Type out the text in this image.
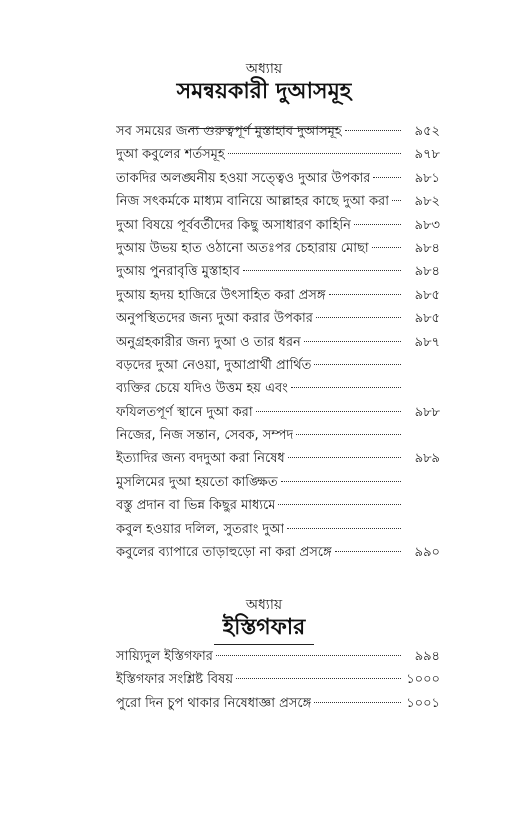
অধ্যায়
সমন্বয়কারী দুআসমূহ
সব সময়ের জন্য গুরুত্বপূর্ণ মুস্তাহাব দুআসমূহ	৯৫২
দুআ কবুলের শর্তসমূহ	৯৭৮
তাকদির অলঙ্ঘনীয় হওয়া সত্ত্বেও দুআর উপকার	৯৮১
নিজ সৎকর্মকে মাধ্যম বানিয়ে আল্লাহর কাছে দুআ করা	৯৮২
দুআ বিষয়ে পূর্ববর্তীদের কিছু অসাধারণ কাহিনি	৯৮৩
দুআয় উভয় হাত ওঠানো অতঃপর চেহারায় মোছা	৯৮৪
দুআয় পুনরাবৃত্তি মুস্তাহাব	৯৮৪
দুআয় হৃদয় হাজিরে উৎসাহিত করা প্রসঙ্গ	৯৮৫
অনুপস্থিতদের জন্য দুআ করার উপকার	৯৮৫
অনুগ্রহকারীর জন্য দুআ ও তার ধরন	৯৮৭
বড়দের দুআ নেওয়া, দুআপ্রার্থী প্রার্থিত
ব্যক্তির চেয়ে যদিও উত্তম হয় এবং
ফযিলতপূর্ণ স্থানে দুআ করা	৯৮৮
নিজের, নিজ সন্তান, সেবক, সম্পদ
ইত্যাদির জন্য বদদুআ করা নিষেধ	৯৮৯
মুসলিমের দুআ হয়তো কাঙ্ক্ষিত
বস্তু প্রদান বা ভিন্ন কিছুর মাধ্যমে
কবুল হওয়ার দলিল, সুতরাং দুআ
কবুলের ব্যাপারে তাড়াহুড়ো না করা প্রসঙ্গে	৯৯০
অধ্যায়
ইস্তিগফার
সায়্যিদুল ইস্তিগফার	৯৯৪
ইস্তিগফার সংশ্লিষ্ট বিষয়	১০০০
পুরো দিন চুপ থাকার নিষেধাজ্ঞা প্রসঙ্গে	১০০১
